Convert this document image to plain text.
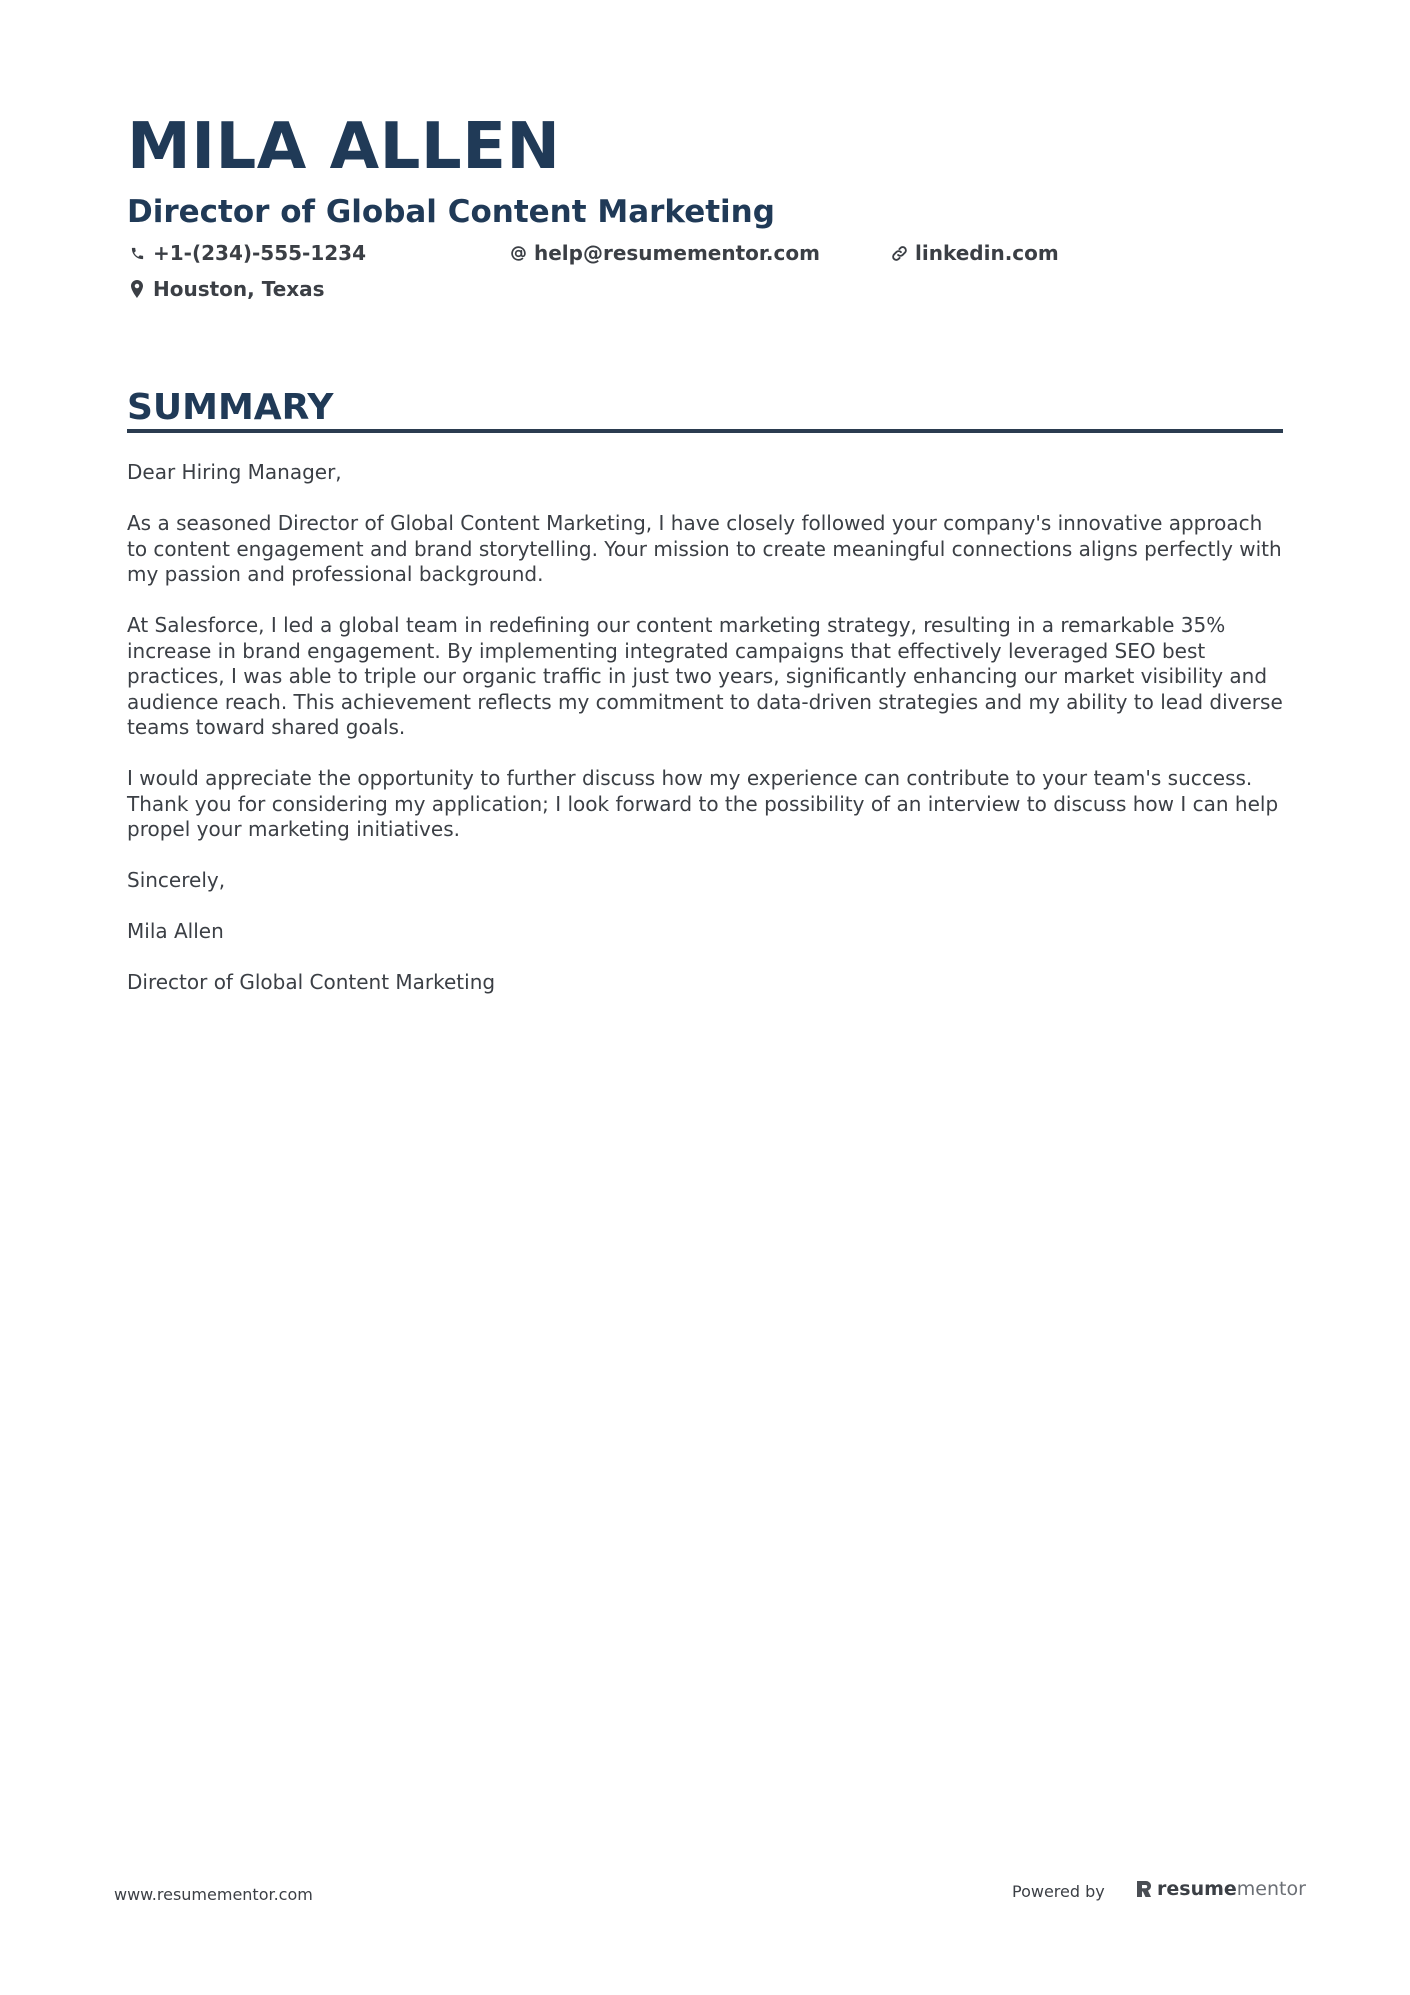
MILA ALLEN
Director of Global Content Marketing
+1-(234)-555-1234	help@resumementor.com	linkedin.com
Houston, Texas
SUMMARY

Dear Hiring Manager,

As a seasoned Director of Global Content Marketing, I have closely followed your company's innovative approach to content engagement and brand storytelling. Your mission to create meaningful connections aligns perfectly with my passion and professional background.

At Salesforce, I led a global team in redefining our content marketing strategy, resulting in a remarkable 35% increase in brand engagement. By implementing integrated campaigns that effectively leveraged SEO best practices, I was able to triple our organic traffic in just two years, significantly enhancing our market visibility and audience reach. This achievement reflects my commitment to data-driven strategies and my ability to lead diverse teams toward shared goals.

I would appreciate the opportunity to further discuss how my experience can contribute to your team's success. Thank you for considering my application; I look forward to the possibility of an interview to discuss how I can help propel your marketing initiatives.

Sincerely,

Mila Allen

Director of Global Content Marketing

www.resumementor.com	Powered by	resume mentor
